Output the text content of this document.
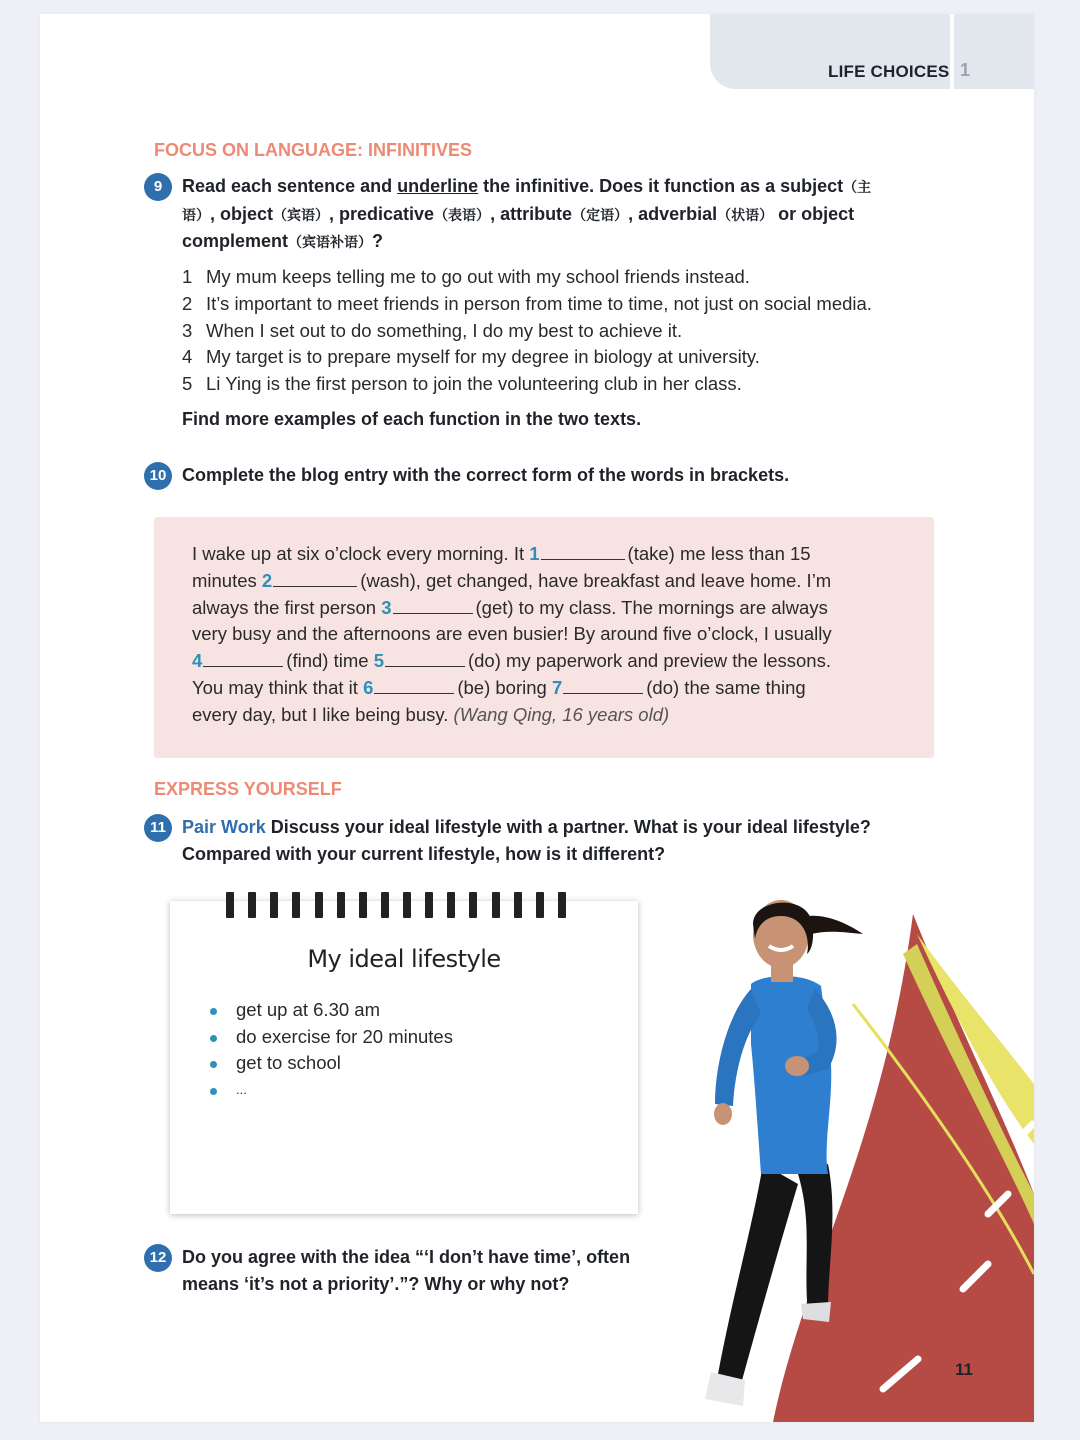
LIFE CHOICES 1
FOCUS ON LANGUAGE: INFINITIVES
9	Read each sentence and underline the infinitive. Does it function as a subject（主
语）, object（宾语）, predicative（表语）, attribute（定语）, adverbial（状语） or object
complement（宾语补语）?
1 My mum keeps telling me to go out with my school friends instead.
2 It’s important to meet friends in person from time to time, not just on social media.
3 When I set out to do something, I do my best to achieve it.
4 My target is to prepare myself for my degree in biology at university.
5 Li Ying is the first person to join the volunteering club in her class.
Find more examples of each function in the two texts.
10 Complete the blog entry with the correct form of the words in brackets.
I wake up at six o’clock every morning. It 1	(take) me less than 15
minutes 2	(wash), get changed, have breakfast and leave home. I’m
always the first person 3	(get) to my class. The mornings are always
very busy and the afternoons are even busier! By around five o’clock, I usually
4	(find) time 5	(do) my paperwork and preview the lessons.
You may think that it 6	(be) boring 7	(do) the same thing
every day, but I like being busy. (Wang Qing, 16 years old)
EXPRESS YOURSELF
11 Pair Work Discuss your ideal lifestyle with a partner. What is your ideal lifestyle?
Compared with your current lifestyle, how is it different?
My ideal lifestyle
get up at 6.30 am
do exercise for 20 minutes
get to school
...
12 Do you agree with the idea “‘I don’t have time’, often
means ‘it’s not a priority’.”? Why or why not?
11
